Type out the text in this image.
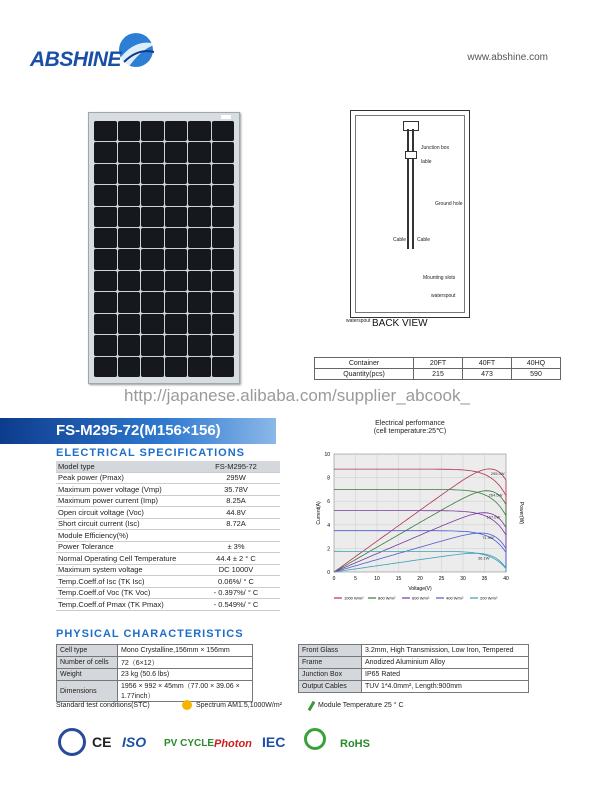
ABSHINE	www.abshine.com
Junction box
lable
Ground hole
Cable Cable
Mounting slots
waterspout
waterspout BACK VIEW
Container	20FT	40FT	40HQ
Quantity(pcs)	215	473	590
http://japanese.alibaba.com/supplier_abcook_
FS-M295-72(M156×156)
ELECTRICAL SPECIFICATIONS
Model type	FS-M295-72
Peak power (Pmax)	295W
Maximum power voltage (Vmp)	35.78V
Maximum power current (Imp)	8.25A
Open circuit voltage (Voc)	44.8V
Short circuit current (Isc)	8.72A
Module Efficiency(%)	
Power Tolerance	± 3%
Normal Operating Cell Temperature	44.4 ± 2 ° C
Maximum system voltage	DC 1000V
Temp.Coeff.of Isc (TK Isc)	0.06%/ ° C
Temp.Coeff.of Voc (TK Voc)	- 0.397%/ ° C
Temp.Coeff.of Pmax (TK Pmax)	- 0.549%/ ° C
Electrical performance
(cell temperature:25℃)
0	5	10	15	20	25	30	35	40
0
2
4
6
8
10
Voltage(V)
Current(A)	Power(W)
295.0W
264.5W
167.6W
71.9W
36.1W
1000 W/m²	800 W/m²	600 W/m²	400 W/m²	200 W/m²
PHYSICAL CHARACTERISTICS
Cell type	Mono Crystalline,156mm × 156mm
Number of cells	72（6×12）
Weight	23 kg (50.6 lbs)
Dimensions	1956 × 992 × 45mm（77.00 × 39.06 × 1.77inch）
Front Glass	3.2mm, High Transmission, Low Iron, Tempered
Frame	Anodized Aluminium Alloy
Junction Box	IP65 Rated
Output Cables	TUV 1*4.0mm², Length:900mm
Standard test conditions(STC)	Spectrum AM1.5,1000W/m²	Module Temperature 25 ° C
CE ISO PV CYCLE Photon IEC	RoHS
